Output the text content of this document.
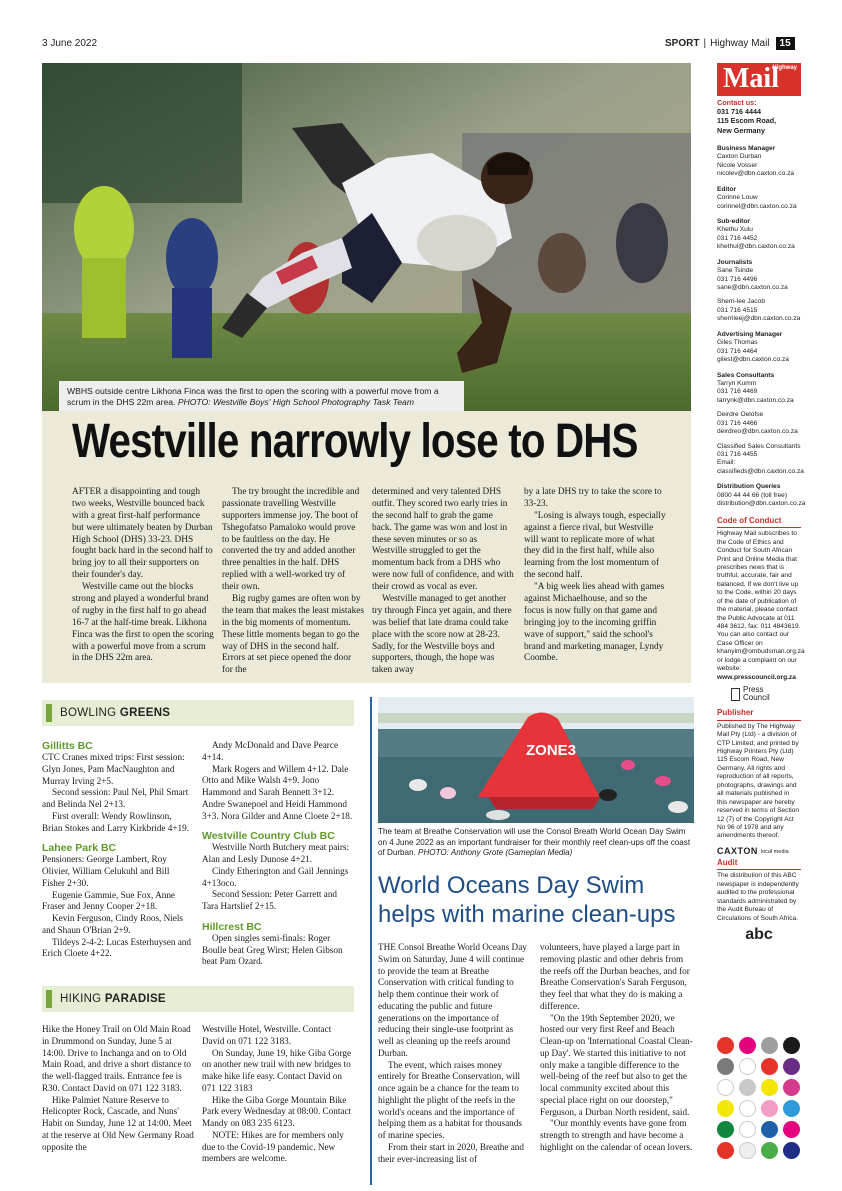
3 June 2022	SPORT | Highway Mail	15
WBHS outside centre Likhona Finca was the first to open the scoring with a powerful move from a scrum in the DHS 22m area. PHOTO: Westville Boys' High School Photography Task Team
Westville narrowly lose to DHS

AFTER a disappointing and tough two weeks, Westville bounced back with a great first-half performance but were ultimately beaten by Durban High School (DHS) 33-23. DHS fought back hard in the second half to bring joy to all their supporters on their founder's day.

Westville came out the blocks strong and played a wonderful brand of rugby in the first half to go ahead 16-7 at the half-time break. Likhona Finca was the first to open the scoring with a powerful move from a scrum in the DHS 22m area.

The try brought the incredible and passionate travelling Westville supporters immense joy. The boot of Tshegofatso Pamaloko would prove to be faultless on the day. He converted the try and added another three penalties in the half. DHS replied with a well-worked try of their own.

Big rugby games are often won by the team that makes the least mistakes in the big moments of momentum. These little moments began to go the way of DHS in the second half. Errors at set piece opened the door for the

determined and very talented DHS outfit. They scored two early tries in the second half to grab the game back. The game was won and lost in these seven minutes or so as Westville struggled to get the momentum back from a DHS who were now full of confidence, and with their crowd as vocal as ever.

Westville managed to get another try through Finca yet again, and there was belief that late drama could take place with the score now at 28-23. Sadly, for the Westville boys and supporters, though, the hope was taken away

by a late DHS try to take the score to 33-23.

"Losing is always tough, especially against a fierce rival, but Westville will want to replicate more of what they did in the first half, while also learning from the lost momentum of the second half.

"A big week lies ahead with games against Michaelhouse, and so the focus is now fully on that game and bringing joy to the incoming griffin wave of support," said the school's brand and marketing manager, Lyndy Coombe.

BOWLING GREENS
Gillitts BC

CTC Cranes mixed trips: First session: Glyn Jones, Pam MacNaughton and Murray Irving 2+5.

Second session: Paul Nel, Phil Smart and Belinda Nel 2+13.

First overall: Wendy Rowlinson, Brian Stokes and Larry Kirkbride 4+19.

Lahee Park BC

Pensioners: George Lambert, Roy Olivier, William Celukuhl and Bill Fisher 2+30.

Eugenie Gammie, Sue Fox, Anne Fraser and Jenny Cooper 2+18.

Kevin Ferguson, Cindy Roos, Niels and Shaun O'Brian 2+9.

Tildeys 2-4-2: Lucas Esterhuysen and Erich Cloete 4+22.

Andy McDonald and Dave Pearce 4+14.

Mark Rogers and Willem 4+12. Dale Otto and Mike Walsh 4+9. Jono Hammond and Sarah Bennett 3+12. Andre Swanepoel and Heidi Hammond 3+3. Nora Gilder and Anne Cloete 2+18.

Westville Country Club BC

Westville North Butchery meat pairs: Alan and Lesly Dunose 4+21.

Cindy Etherington and Gail Jennings 4+13oco.

Second Session: Peter Garrett and Tara Hartslief 2+15.

Hillcrest BC

Open singles semi-finals: Roger Boulle beat Greg Wirst; Helen Gibson beat Pam Ozard.

HIKING PARADISE

Hike the Honey Trail on Old Main Road in Drummond on Sunday, June 5 at 14:00. Drive to Inchanga and on to Old Main Road, and drive a short distance to the well-flagged trails. Entrance fee is R30. Contact David on 071 122 3183.

Hike Palmiet Nature Reserve to Helicopter Rock, Cascade, and Nuns' Habit on Sunday, June 12 at 14:00. Meet at the reserve at Old New Germany Road opposite the

Westville Hotel, Westville. Contact David on 071 122 3183.

On Sunday, June 19, hike Giba Gorge on another new trail with new bridges to make hike life easy. Contact David on 071 122 3183

Hike the Giba Gorge Mountain Bike Park every Wednesday at 08:00. Contact Mandy on 083 235 6123.

NOTE: Hikes are for members only due to the Covid-19 pandemic. New members are welcome.

ZONE3
The team at Breathe Conservation will use the Consol Breath World Ocean Day Swim on 4 June 2022 as an important fundraiser for their monthly reef clean-ups off the coast of Durban. PHOTO: Anthony Grote (Gameplan Media)
World Oceans Day Swim helps with marine clean-ups

THE Consol Breathe World Oceans Day Swim on Saturday, June 4 will continue to provide the team at Breathe Conservation with critical funding to help them continue their work of educating the public and future generations on the importance of reducing their single-use footprint as well as cleaning up the reefs around Durban.

The event, which raises money entirely for Breathe Conservation, will once again be a chance for the team to highlight the plight of the reefs in the world's oceans and the importance of helping them as a habitat for thousands of marine species.

From their start in 2020, Breathe and their ever-increasing list of

volunteers, have played a large part in removing plastic and other debris from the reefs off the Durban beaches, and for Breathe Conservation's Sarah Ferguson, they feel that what they do is making a difference.

"On the 19th September 2020, we hosted our very first Reef and Beach Clean-up on 'International Coastal Clean-up Day'. We started this initiative to not only make a tangible difference to the well-being of the reef but also to get the local community excited about this special place right on our doorstep," Ferguson, a Durban North resident, said.

"Our monthly events have gone from strength to strength and have become a highlight on the calendar of ocean lovers.

Highway
Mail
Contact us:
031 716 4444
115 Escom Road,
New Germany
Business Manager
Caxton Durban
Nicole Vosser
nicolev@dbn.caxton.co.za
Editor
Corinne Louw
corinnel@dbn.caxton.co.za
Sub-editor
Khethu Xulu
031 716 4452
khethul@dbn.caxton.co.za
Journalists
Sane Tsinde
031 716 4496
sane@dbn.caxton.co.za
Sherri-lee Jacob
031 716 4515
sherrileej@dbn.caxton.co.za
Advertising Manager
Giles Thomas
031 716 4464
gilest@dbn.caxton.co.za
Sales Consultants
Tarryn Kumm
031 716 4469
tarrynk@dbn.caxton.co.za
Deirdre Oelofse
031 716 4466
deirdreo@dbn.caxton.co.za
Classified Sales Consultants
031 716 4455
Email:
classifieds@dbn.caxton.co.za
Distribution Queries
0800 44 44 66 (toll free)
distribution@dbn.caxton.co.za
Code of Conduct
Highway Mail subscribes to the Code of Ethics and Conduct for South African Print and Online Media that prescribes news that is truthful, accurate, fair and balanced. If we don't live up to the Code, within 20 days of the date of publication of the material, please contact the Public Advocate at 011 484 3612, fax: 011 4843619. You can also contact our Case Officer on khanyim@ombudsman.org.za or lodge a complaint on our website:
www.presscouncil.org.za
Press
Council
Publisher
Published by The Highway Mail Pty (Ltd) - a division of CTP Limited; and printed by Highway Printers Pty (Ltd) 115 Escom Road, New Germany. All rights and reproduction of all reports, photographs, drawings and all materials published in this newspaper are hereby reserved in terms of Section 12 (7) of the Copyright Act No 96 of 1978 and any amendments thereof.
CAXTON local media
Audit
The distribution of this ABC newspaper is independently audited to the professional standards administrated by the Audit Bureau of Circulations of South Africa.
abc
